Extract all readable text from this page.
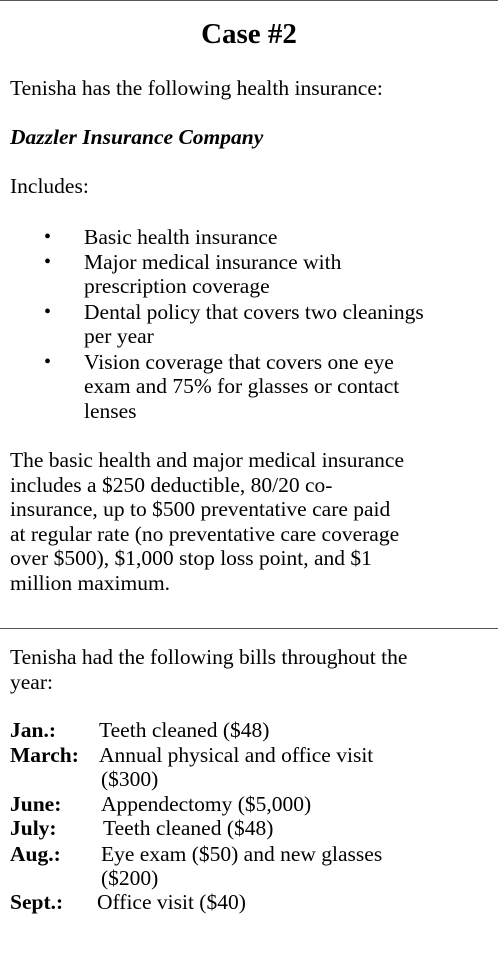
Case #2
Tenisha has the following health insurance:
Dazzler Insurance Company
Includes:
• Basic health insurance
• Major medical insurance with
prescription coverage
• Dental policy that covers two cleanings
per year
• Vision coverage that covers one eye
exam and 75% for glasses or contact
lenses
The basic health and major medical insurance
includes a $250 deductible, 80/20 co-
insurance, up to $500 preventative care paid
at regular rate (no preventative care coverage
over $500), $1,000 stop loss point, and $1
million maximum.
Tenisha had the following bills throughout the
year:
Jan.: Teeth cleaned ($48)
March: Annual physical and office visit
($300)
June: Appendectomy ($5,000)
July: Teeth cleaned ($48)
Aug.: Eye exam ($50) and new glasses
($200)
Sept.: Office visit ($40)
